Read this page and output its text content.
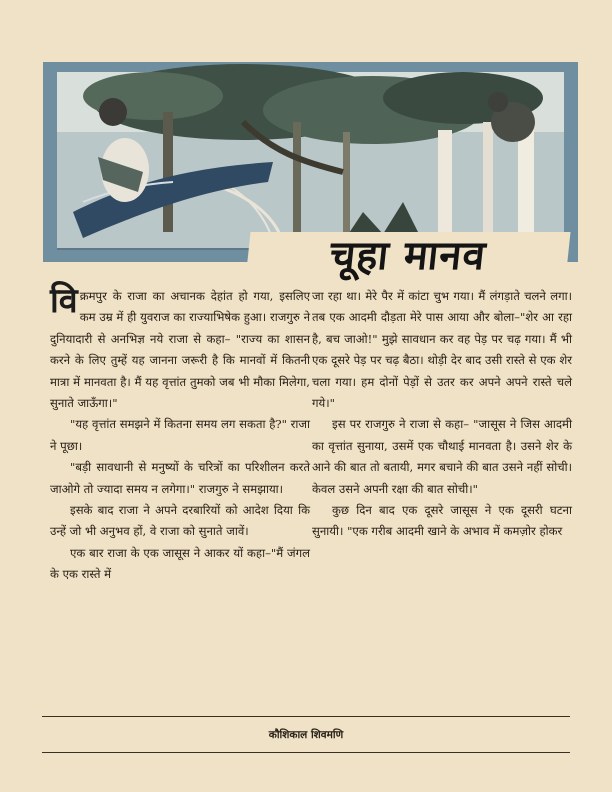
चूहा मानव

विक्रमपुर के राजा का अचानक देहांत हो गया, इसलिए कम उम्र में ही युवराज का राज्याभिषेक हुआ। राजगुरु ने दुनियादारी से अनभिज्ञ नये राजा से कहा– "राज्य का शासन करने के लिए तुम्हें यह जानना जरूरी है कि मानवों में कितनी मात्रा में मानवता है। मैं यह वृत्तांत तुमको जब भी मौका मिलेगा, सुनाते जाऊँगा।"

"यह वृत्तांत समझने में कितना समय लग सकता है?" राजा ने पूछा।

"बड़ी सावधानी से मनुष्यों के चरित्रों का परिशीलन करते जाओगे तो ज्यादा समय न लगेगा।" राजगुरु ने समझाया।

इसके बाद राजा ने अपने दरबारियों को आदेश दिया कि उन्हें जो भी अनुभव हों, वे राजा को सुनाते जावें।

एक बार राजा के एक जासूस ने आकर यों कहा–"मैं जंगल के एक रास्ते में

जा रहा था। मेरे पैर में कांटा चुभ गया। मैं लंगड़ाते चलने लगा। तब एक आदमी दौड़ता मेरे पास आया और बोला–"शेर आ रहा है, बच जाओ!" मुझे सावधान कर वह पेड़ पर चढ़ गया। मैं भी एक दूसरे पेड़ पर चढ़ बैठा। थोड़ी देर बाद उसी रास्ते से एक शेर चला गया। हम दोनों पेड़ों से उतर कर अपने अपने रास्ते चले गये।"

इस पर राजगुरु ने राजा से कहा– "जासूस ने जिस आदमी का वृत्तांत सुनाया, उसमें एक चौथाई मानवता है। उसने शेर के आने की बात तो बतायी, मगर बचाने की बात उसने नहीं सोची। केवल उसने अपनी रक्षा की बात सोची।"

कुछ दिन बाद एक दूसरे जासूस ने एक दूसरी घटना सुनायी। "एक गरीब आदमी खाने के अभाव में कमज़ोर होकर

कौशिकाल शिवमणि
